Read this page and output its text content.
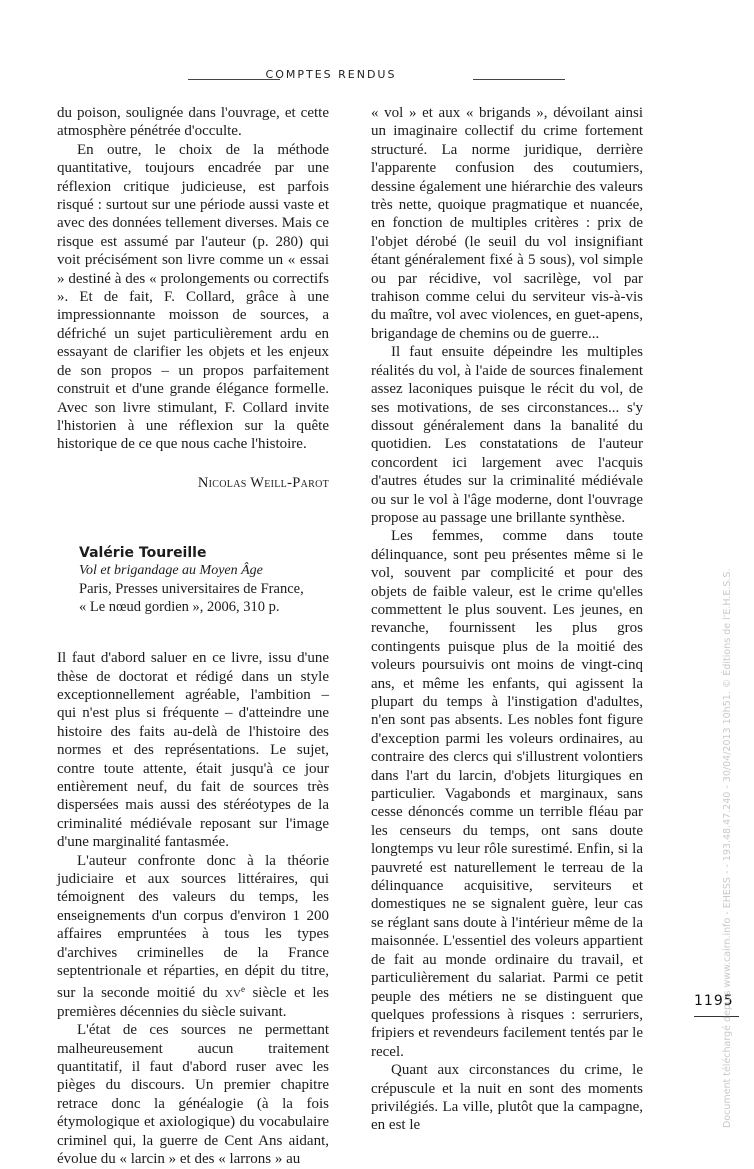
COMPTES RENDUS

du poison, soulignée dans l'ouvrage, et cette atmosphère pénétrée d'occulte.

En outre, le choix de la méthode quantitative, toujours encadrée par une réflexion critique judicieuse, est parfois risqué : surtout sur une période aussi vaste et avec des données tellement diverses. Mais ce risque est assumé par l'auteur (p. 280) qui voit précisément son livre comme un « essai » destiné à des « prolongements ou correctifs ». Et de fait, F. Collard, grâce à une impressionnante moisson de sources, a défriché un sujet particulièrement ardu en essayant de clarifier les objets et les enjeux de son propos – un propos parfaitement construit et d'une grande élégance formelle. Avec son livre stimulant, F. Collard invite l'historien à une réflexion sur la quête historique de ce que nous cache l'histoire.

Nicolas Weill-Parot
Valérie Toureille
Vol et brigandage au Moyen Âge
Paris, Presses universitaires de France,
« Le nœud gordien », 2006, 310 p.

Il faut d'abord saluer en ce livre, issu d'une thèse de doctorat et rédigé dans un style exceptionnellement agréable, l'ambition – qui n'est plus si fréquente – d'atteindre une histoire des faits au-delà de l'histoire des normes et des représentations. Le sujet, contre toute attente, était jusqu'à ce jour entièrement neuf, du fait de sources très dispersées mais aussi des stéréotypes de la criminalité médiévale reposant sur l'image d'une marginalité fantasmée.

L'auteur confronte donc à la théorie judiciaire et aux sources littéraires, qui témoignent des valeurs du temps, les enseignements d'un corpus d'environ 1 200 affaires empruntées à tous les types d'archives criminelles de la France septentrionale et réparties, en dépit du titre, sur la seconde moitié du $xv^e$ siècle et les premières décennies du siècle suivant.

L'état de ces sources ne permettant malheureusement aucun traitement quantitatif, il faut d'abord ruser avec les pièges du discours. Un premier chapitre retrace donc la généalogie (à la fois étymologique et axiologique) du vocabulaire criminel qui, la guerre de Cent Ans aidant, évolue du « larcin » et des « larrons » au

« vol » et aux « brigands », dévoilant ainsi un imaginaire collectif du crime fortement structuré. La norme juridique, derrière l'apparente confusion des coutumiers, dessine également une hiérarchie des valeurs très nette, quoique pragmatique et nuancée, en fonction de multiples critères : prix de l'objet dérobé (le seuil du vol insignifiant étant généralement fixé à 5 sous), vol simple ou par récidive, vol sacrilège, vol par trahison comme celui du serviteur vis-à-vis du maître, vol avec violences, en guet-apens, brigandage de chemins ou de guerre...

Il faut ensuite dépeindre les multiples réalités du vol, à l'aide de sources finalement assez laconiques puisque le récit du vol, de ses motivations, de ses circonstances... s'y dissout généralement dans la banalité du quotidien. Les constatations de l'auteur concordent ici largement avec l'acquis d'autres études sur la criminalité médiévale ou sur le vol à l'âge moderne, dont l'ouvrage propose au passage une brillante synthèse.

Les femmes, comme dans toute délinquance, sont peu présentes même si le vol, souvent par complicité et pour des objets de faible valeur, est le crime qu'elles commettent le plus souvent. Les jeunes, en revanche, fournissent les plus gros contingents puisque plus de la moitié des voleurs poursuivis ont moins de vingt-cinq ans, et même les enfants, qui agissent la plupart du temps à l'instigation d'adultes, n'en sont pas absents. Les nobles font figure d'exception parmi les voleurs ordinaires, au contraire des clercs qui s'illustrent volontiers dans l'art du larcin, d'objets liturgiques en particulier. Vagabonds et marginaux, sans cesse dénoncés comme un terrible fléau par les censeurs du temps, ont sans doute longtemps vu leur rôle surestimé. Enfin, si la pauvreté est naturellement le terreau de la délinquance acquisitive, serviteurs et domestiques ne se signalent guère, leur cas se réglant sans doute à l'intérieur même de la maisonnée. L'essentiel des voleurs appartient de fait au monde ordinaire du travail, et particulièrement du salariat. Parmi ce petit peuple des métiers ne se distinguent que quelques professions à risques : serruriers, fripiers et revendeurs facilement tentés par le recel.

Quant aux circonstances du crime, le crépuscule et la nuit en sont des moments privilégiés. La ville, plutôt que la campagne, en est le

1195
Document téléchargé depuis www.cairn.info - EHESS - - 193.48.47.240 - 30/04/2013 10h51. © Éditions de l'E.H.E.S.S.
